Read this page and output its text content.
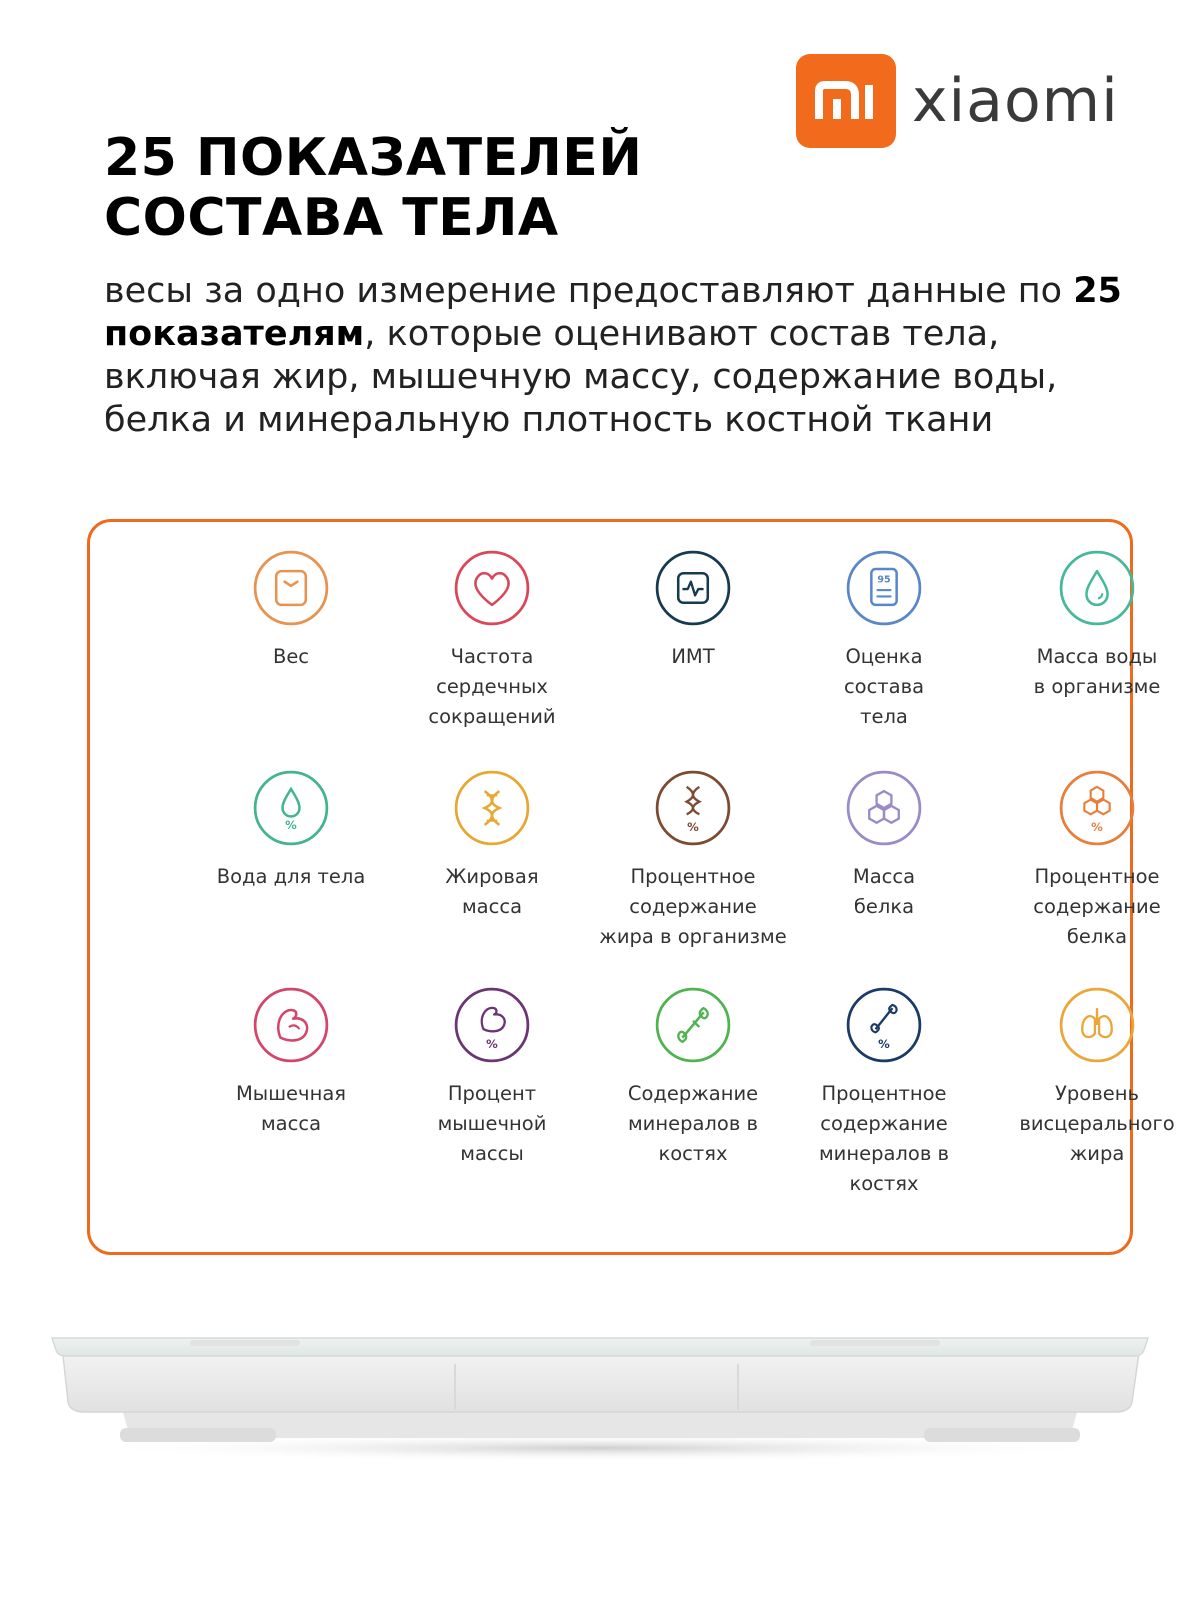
xiaomi
25 ПОКАЗАТЕЛЕЙ
СОСТАВА ТЕЛА

весы за одно измерение предоставляют данные по 25 показателям, которые оценивают состав тела, включая жир, мышечную массу, содержание воды, белка и минеральную плотность костной ткани

Вес	Частота
сердечных
сокращений
ИМТ
95
Оценка
состава
тела
Масса воды
в организме
%
Вода для тела	Жировая
масса
%
Процентное
содержание
жира в организме
Масса
белка
%
Процентное
содержание
белка
Мышечная
масса
%
Процент
мышечной
массы
Содержание
минералов в
костях
%
Процентное
содержание
минералов в
костях
Уровень
висцерального
жира
